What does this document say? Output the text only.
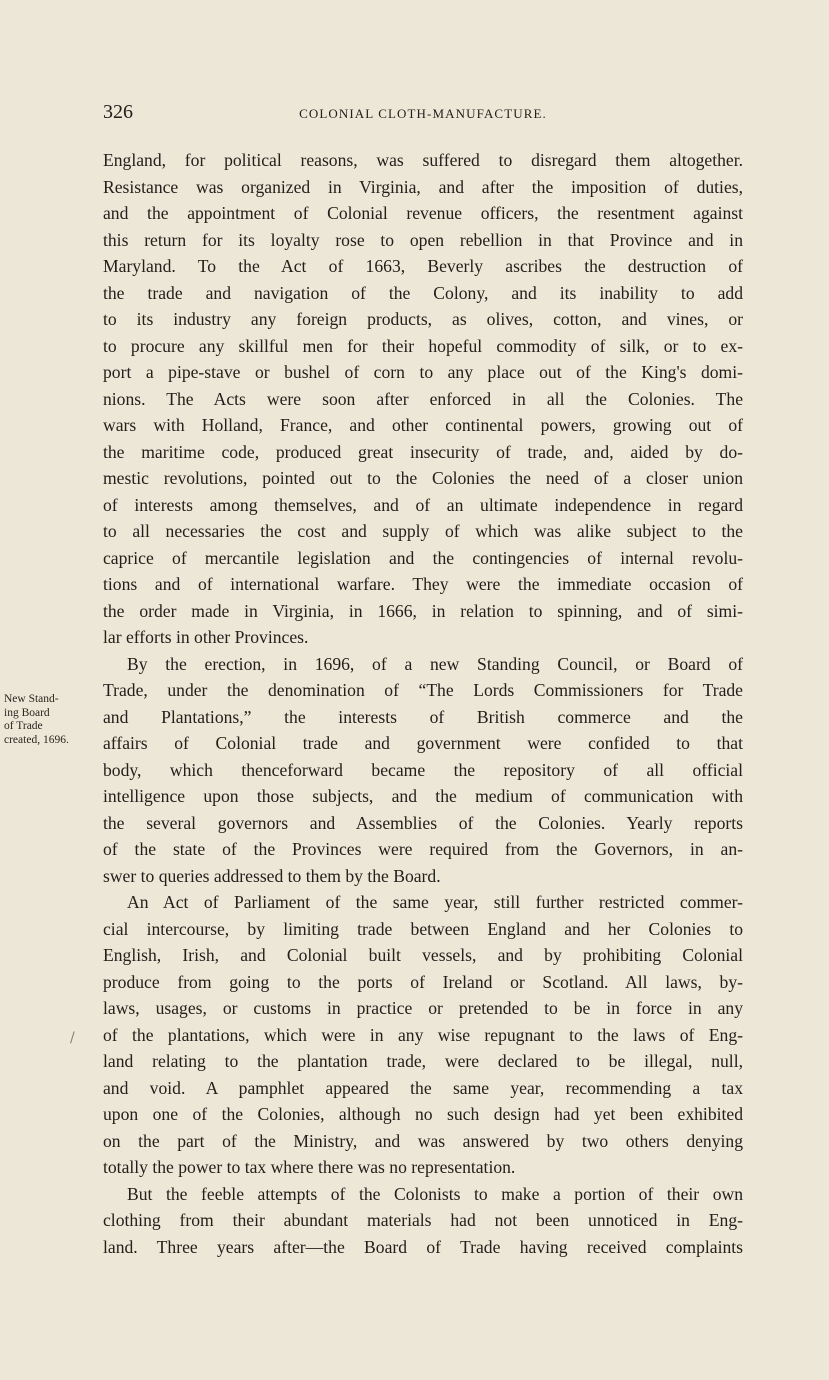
326	COLONIAL CLOTH-MANUFACTURE.
New Stand-
ing Board
of Trade
created, 1696.
England, for political reasons, was suffered to disregard them altogether.
Resistance was organized in Virginia, and after the imposition of duties,
and the appointment of Colonial revenue officers, the resentment against
this return for its loyalty rose to open rebellion in that Province and in
Maryland. To the Act of 1663, Beverly ascribes the destruction of
the trade and navigation of the Colony, and its inability to add
to its industry any foreign products, as olives, cotton, and vines, or
to procure any skillful men for their hopeful commodity of silk, or to ex-
port a pipe-stave or bushel of corn to any place out of the King's domi-
nions. The Acts were soon after enforced in all the Colonies. The
wars with Holland, France, and other continental powers, growing out of
the maritime code, produced great insecurity of trade, and, aided by do-
mestic revolutions, pointed out to the Colonies the need of a closer union
of interests among themselves, and of an ultimate independence in regard
to all necessaries the cost and supply of which was alike subject to the
caprice of mercantile legislation and the contingencies of internal revolu-
tions and of international warfare. They were the immediate occasion of
the order made in Virginia, in 1666, in relation to spinning, and of simi-
lar efforts in other Provinces.
By the erection, in 1696, of a new Standing Council, or Board of
Trade, under the denomination of “The Lords Commissioners for Trade
and Plantations,” the interests of British commerce and the
affairs of Colonial trade and government were confided to that
body, which thenceforward became the repository of all official
intelligence upon those subjects, and the medium of communication with
the several governors and Assemblies of the Colonies. Yearly reports
of the state of the Provinces were required from the Governors, in an-
swer to queries addressed to them by the Board.
An Act of Parliament of the same year, still further restricted commer-
cial intercourse, by limiting trade between England and her Colonies to
English, Irish, and Colonial built vessels, and by prohibiting Colonial
produce from going to the ports of Ireland or Scotland. All laws, by-
laws, usages, or customs in practice or pretended to be in force in any
of the plantations, which were in any wise repugnant to the laws of Eng-
land relating to the plantation trade, were declared to be illegal, null,
and void. A pamphlet appeared the same year, recommending a tax
upon one of the Colonies, although no such design had yet been exhibited
on the part of the Ministry, and was answered by two others denying
totally the power to tax where there was no representation.
But the feeble attempts of the Colonists to make a portion of their own
clothing from their abundant materials had not been unnoticed in Eng-
land. Three years after—the Board of Trade having received complaints
/
